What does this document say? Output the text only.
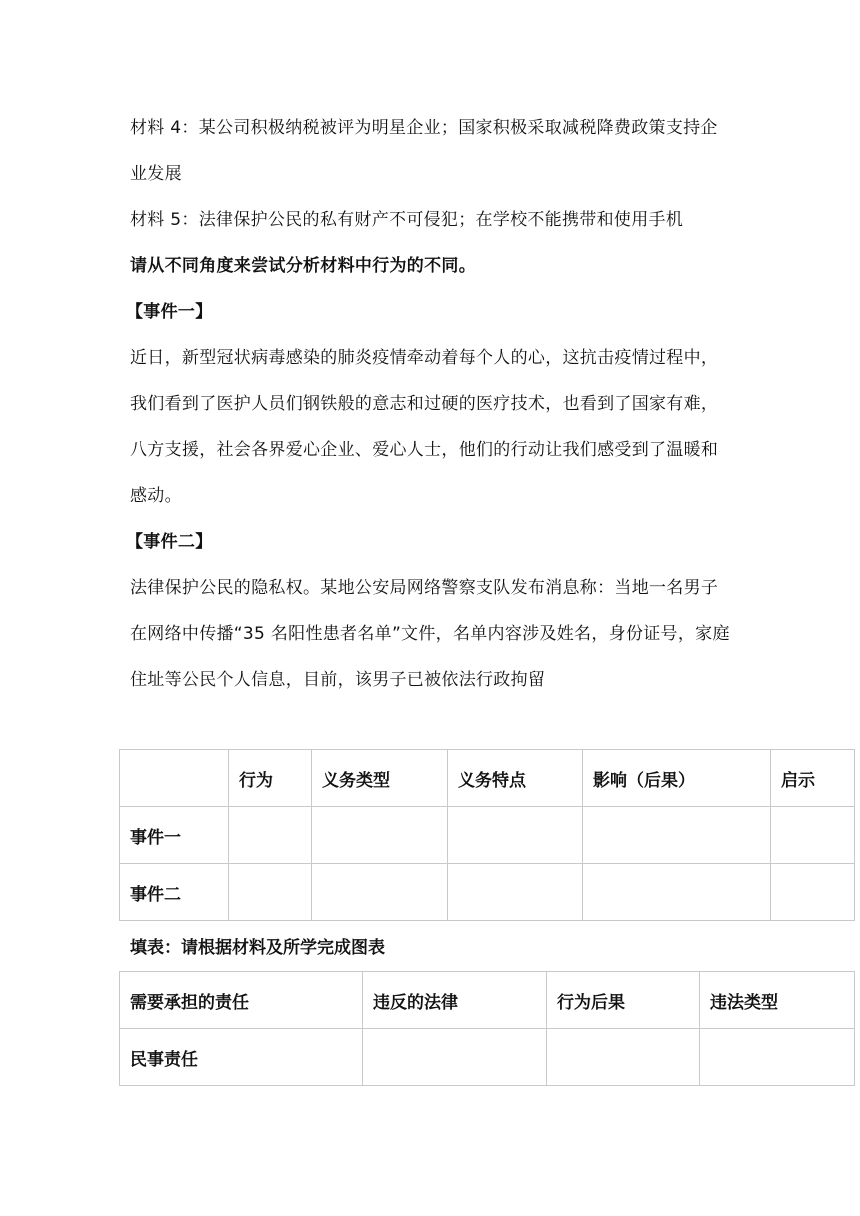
材料 4：某公司积极纳税被评为明星企业；国家积极采取减税降费政策支持企业发展

材料 5：法律保护公民的私有财产不可侵犯；在学校不能携带和使用手机

请从不同角度来尝试分析材料中行为的不同。

【事件一】

近日，新型冠状病毒感染的肺炎疫情牵动着每个人的心，这抗击疫情过程中，我们看到了医护人员们钢铁般的意志和过硬的医疗技术，也看到了国家有难，八方支援，社会各界爱心企业、爱心人士，他们的行动让我们感受到了温暖和感动。

【事件二】

法律保护公民的隐私权。某地公安局网络警察支队发布消息称：当地一名男子在网络中传播“35 名阳性患者名单”文件，名单内容涉及姓名，身份证号，家庭住址等公民个人信息，目前，该男子已被依法行政拘留

	行为	义务类型	义务特点	影响（后果）	启示
事件一					
事件二					
填表：请根据材料及所学完成图表
需要承担的责任	违反的法律	行为后果	违法类型
民事责任			
